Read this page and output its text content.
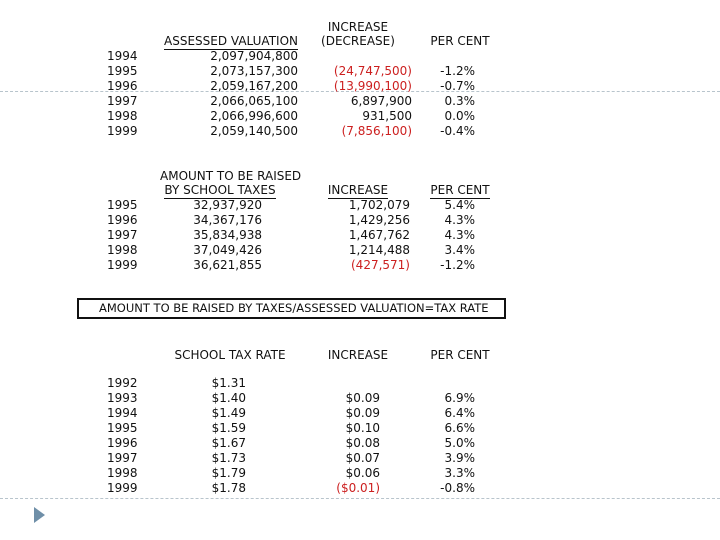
ASSESSED VALUATION
INCREASE
(DECREASE)	PER CENT
1994	2,097,904,800
1995	2,073,157,300	(24,747,500)	-1.2%
1996	2,059,167,200	(13,990,100)	-0.7%
1997	2,066,065,100	6,897,900	0.3%
1998	2,066,996,600	931,500	0.0%
1999	2,059,140,500	(7,856,100)	-0.4%
AMOUNT TO BE RAISED
BY SCHOOL TAXES	INCREASE	PER CENT
1995	32,937,920	1,702,079	5.4%
1996	34,367,176	1,429,256	4.3%
1997	35,834,938	1,467,762	4.3%
1998	37,049,426	1,214,488	3.4%
1999	36,621,855	(427,571)	-1.2%
AMOUNT TO BE RAISED BY TAXES/ASSESSED VALUATION=TAX RATE
SCHOOL TAX RATE	INCREASE	PER CENT
1992	$1.31
1993	$1.40	$0.09	6.9%
1994	$1.49	$0.09	6.4%
1995	$1.59	$0.10	6.6%
1996	$1.67	$0.08	5.0%
1997	$1.73	$0.07	3.9%
1998	$1.79	$0.06	3.3%
1999	$1.78	($0.01)	-0.8%
